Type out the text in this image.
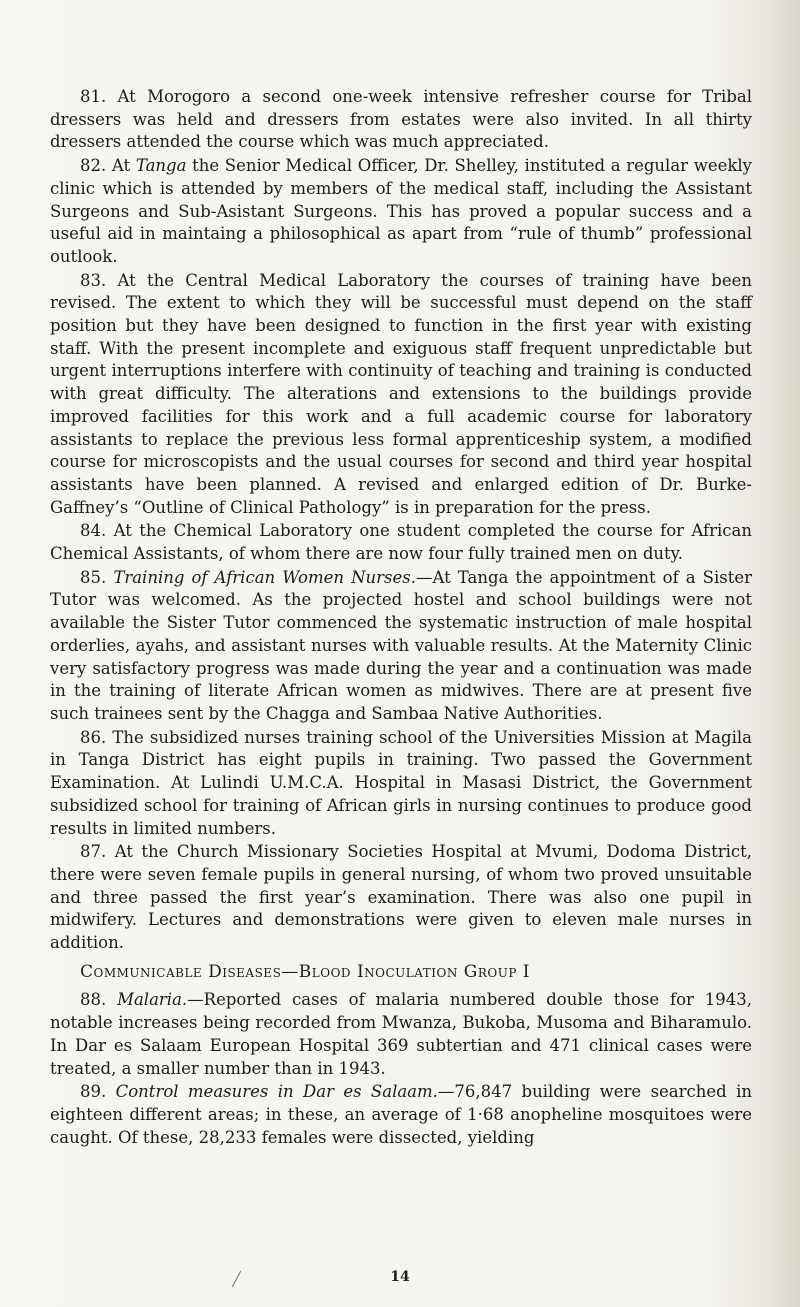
81. At Morogoro a second one-week intensive refresher course for Tribal dressers was held and dressers from estates were also invited. In all thirty dressers attended the course which was much appreciated.

82. At Tanga the Senior Medical Officer, Dr. Shelley, instituted a regular weekly clinic which is attended by members of the medical staff, including the Assistant Surgeons and Sub-Asistant Surgeons. This has proved a popular success and a useful aid in maintaing a philosophical as apart from “rule of thumb” professional outlook.

83. At the Central Medical Laboratory the courses of training have been revised. The extent to which they will be successful must depend on the staff position but they have been designed to function in the first year with existing staff. With the present incomplete and exiguous staff frequent unpredictable but urgent interruptions interfere with continuity of teaching and training is conducted with great difficulty. The alterations and extensions to the buildings provide improved facilities for this work and a full academic course for laboratory assistants to replace the previous less formal apprenticeship system, a modified course for microscopists and the usual courses for second and third year hospital assistants have been planned. A revised and enlarged edition of Dr. Burke-Gaffney’s “Outline of Clinical Pathology” is in preparation for the press.

84. At the Chemical Laboratory one student completed the course for African Chemical Assistants, of whom there are now four fully trained men on duty.

85. Training of African Women Nurses.—At Tanga the appointment of a Sister Tutor was welcomed. As the projected hostel and school buildings were not available the Sister Tutor commenced the systematic instruction of male hospital orderlies, ayahs, and assistant nurses with valuable results. At the Maternity Clinic very satisfactory progress was made during the year and a continuation was made in the training of literate African women as midwives. There are at present five such trainees sent by the Chagga and Sambaa Native Authorities.

86. The subsidized nurses training school of the Universities Mission at Magila in Tanga District has eight pupils in training. Two passed the Government Examination. At Lulindi U.M.C.A. Hospital in Masasi District, the Government subsidized school for training of African girls in nursing continues to produce good results in limited numbers.

87. At the Church Missionary Societies Hospital at Mvumi, Dodoma District, there were seven female pupils in general nursing, of whom two proved unsuitable and three passed the first year’s examination. There was also one pupil in midwifery. Lectures and demonstrations were given to eleven male nurses in addition.

Communicable Diseases—Blood Inoculation Group I

88. Malaria.—Reported cases of malaria numbered double those for 1943, notable increases being recorded from Mwanza, Bukoba, Musoma and Biharamulo. In Dar es Salaam European Hospital 369 subtertian and 471 clinical cases were treated, a smaller number than in 1943.

89. Control measures in Dar es Salaam.—76,847 building were searched in eighteen different areas; in these, an average of 1·68 anopheline mosquitoes were caught. Of these, 28,233 females were dissected, yielding

14
